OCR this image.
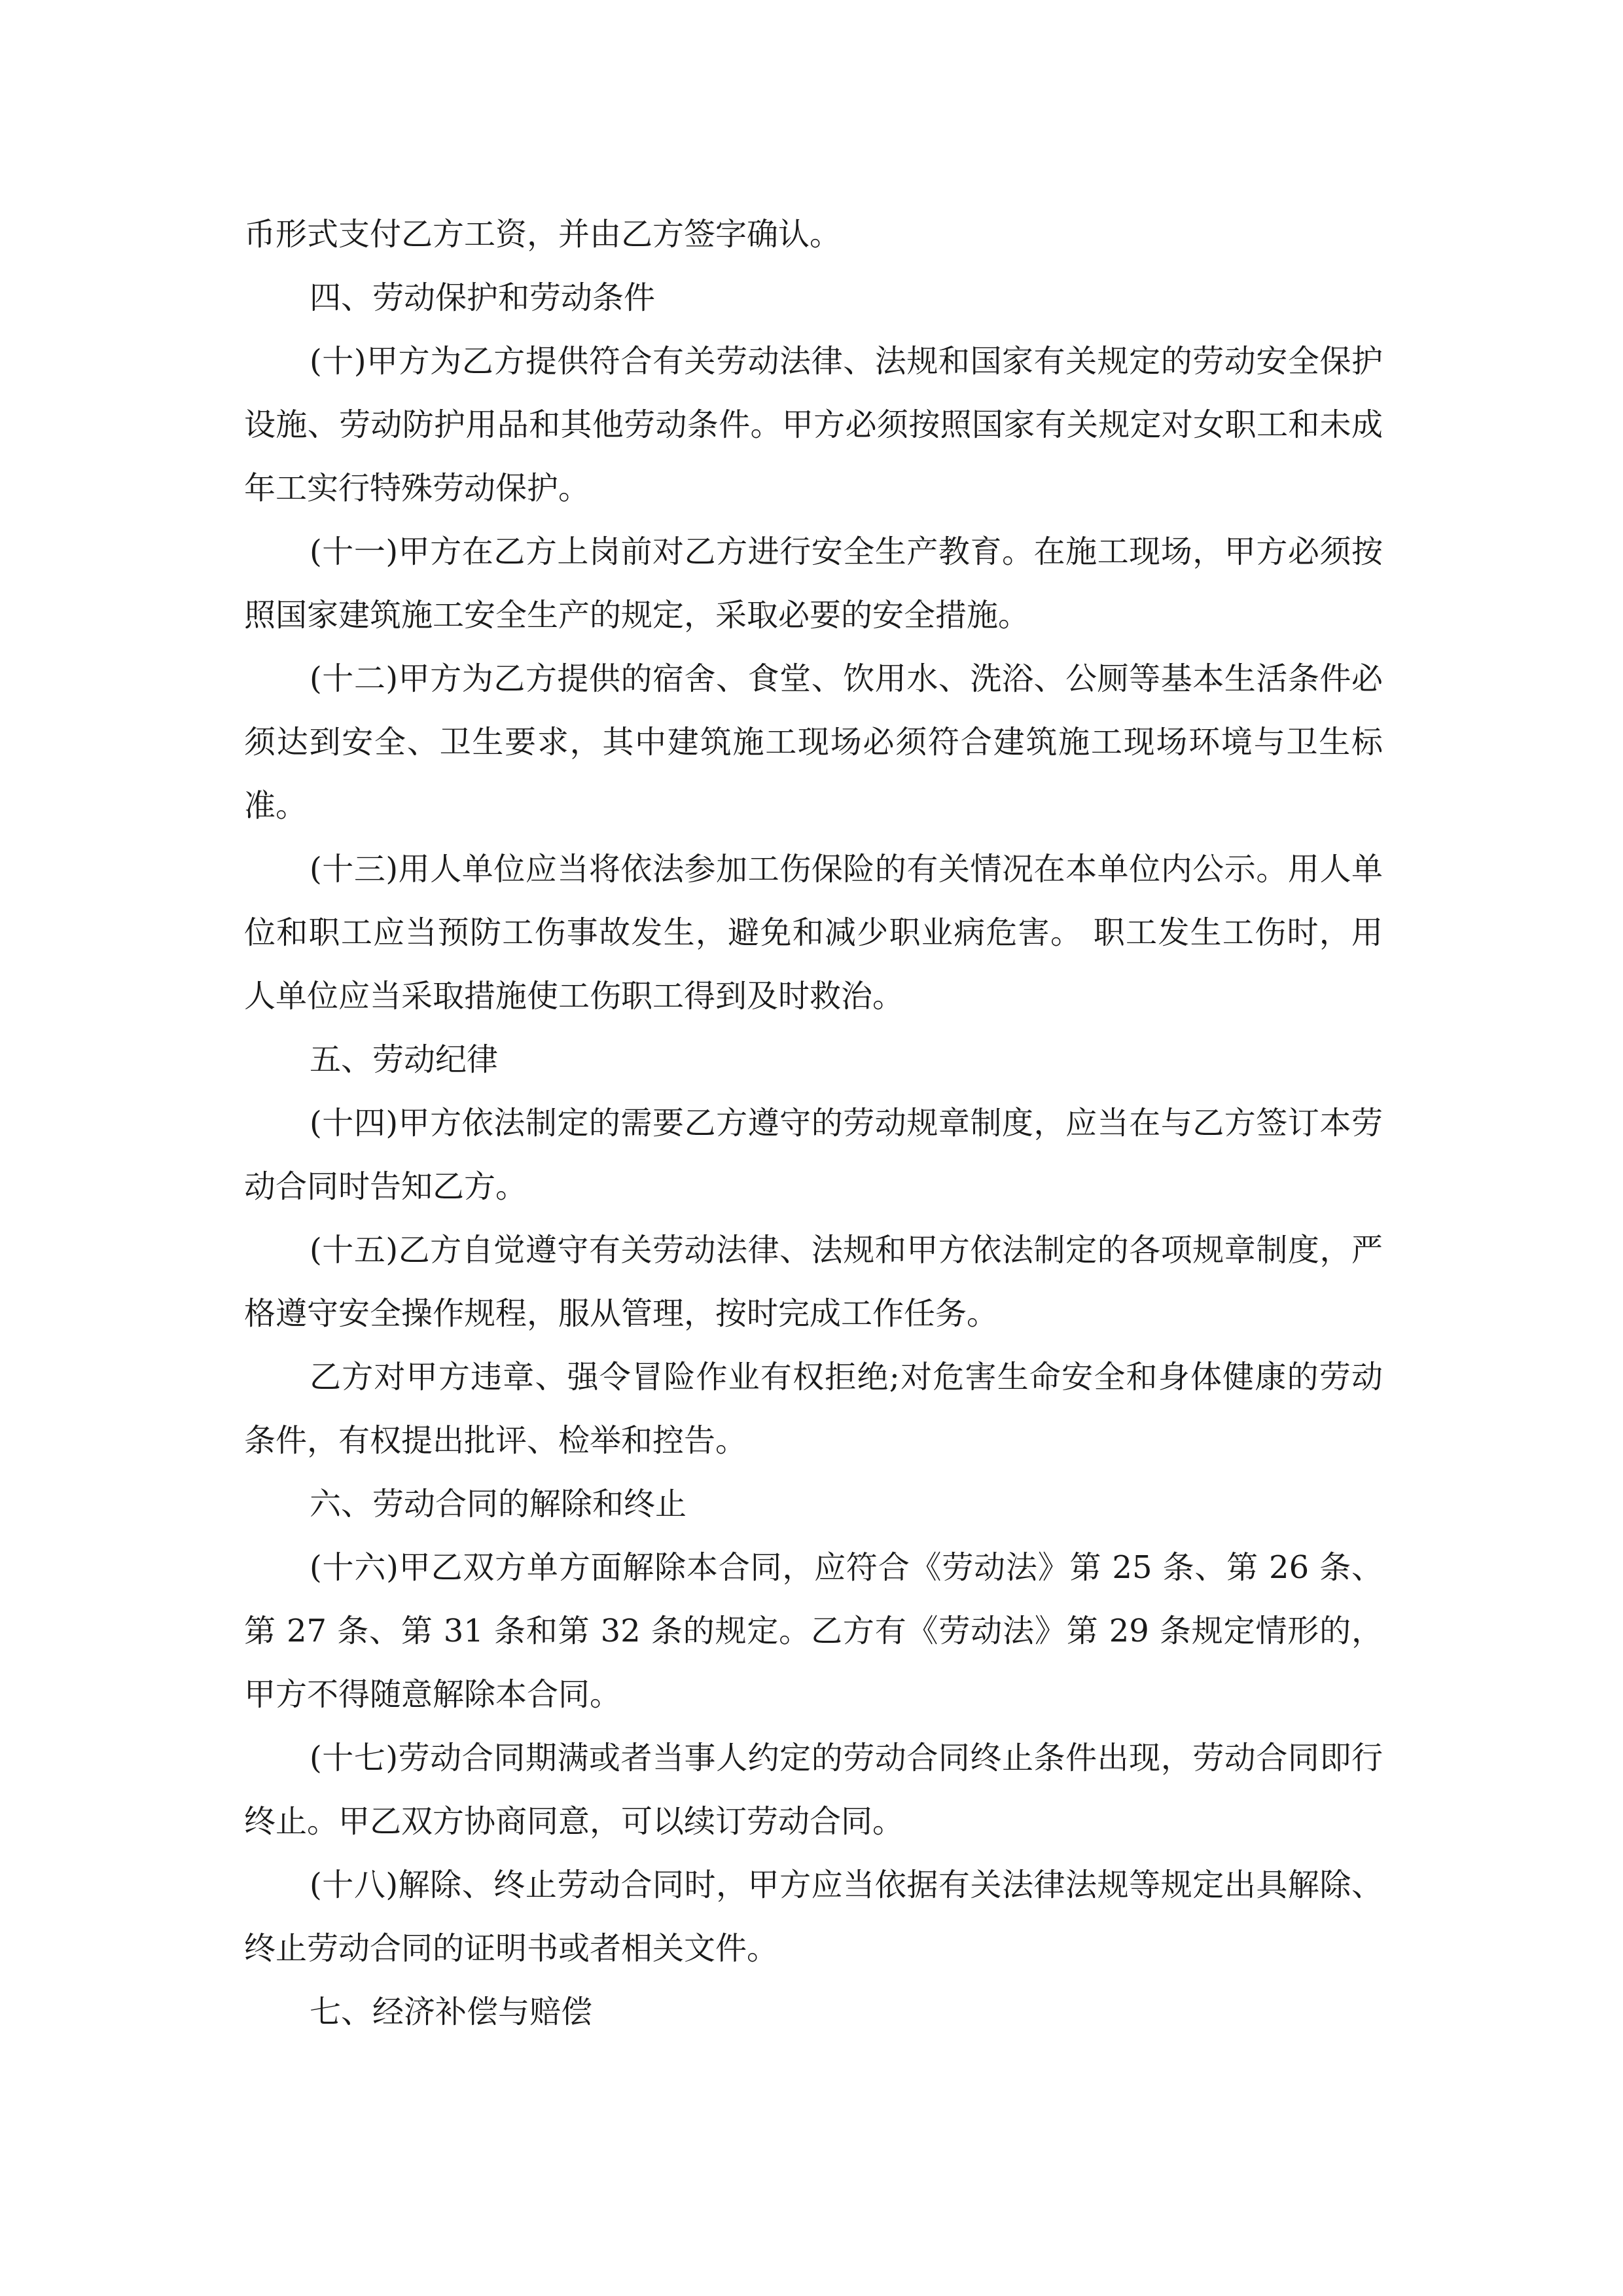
币形式支付乙方工资，并由乙方签字确认。

四、劳动保护和劳动条件

(十)甲方为乙方提供符合有关劳动法律、法规和国家有关规定的劳动安全保护设施、劳动防护用品和其他劳动条件。甲方必须按照国家有关规定对女职工和未成年工实行特殊劳动保护。

(十一)甲方在乙方上岗前对乙方进行安全生产教育。在施工现场，甲方必须按照国家建筑施工安全生产的规定，采取必要的安全措施。

(十二)甲方为乙方提供的宿舍、食堂、饮用水、洗浴、公厕等基本生活条件必须达到安全、卫生要求，其中建筑施工现场必须符合建筑施工现场环境与卫生标准。

(十三)用人单位应当将依法参加工伤保险的有关情况在本单位内公示。用人单位和职工应当预防工伤事故发生，避免和减少职业病危害。 职工发生工伤时，用人单位应当采取措施使工伤职工得到及时救治。

五、劳动纪律

(十四)甲方依法制定的需要乙方遵守的劳动规章制度，应当在与乙方签订本劳动合同时告知乙方。

(十五)乙方自觉遵守有关劳动法律、法规和甲方依法制定的各项规章制度，严格遵守安全操作规程，服从管理，按时完成工作任务。

乙方对甲方违章、强令冒险作业有权拒绝;对危害生命安全和身体健康的劳动条件，有权提出批评、检举和控告。

六、劳动合同的解除和终止

(十六)甲乙双方单方面解除本合同，应符合《劳动法》第 25 条、第 26 条、第 27 条、第 31 条和第 32 条的规定。乙方有《劳动法》第 29 条规定情形的，甲方不得随意解除本合同。

(十七)劳动合同期满或者当事人约定的劳动合同终止条件出现，劳动合同即行终止。甲乙双方协商同意，可以续订劳动合同。

(十八)解除、终止劳动合同时，甲方应当依据有关法律法规等规定出具解除、终止劳动合同的证明书或者相关文件。

七、经济补偿与赔偿
